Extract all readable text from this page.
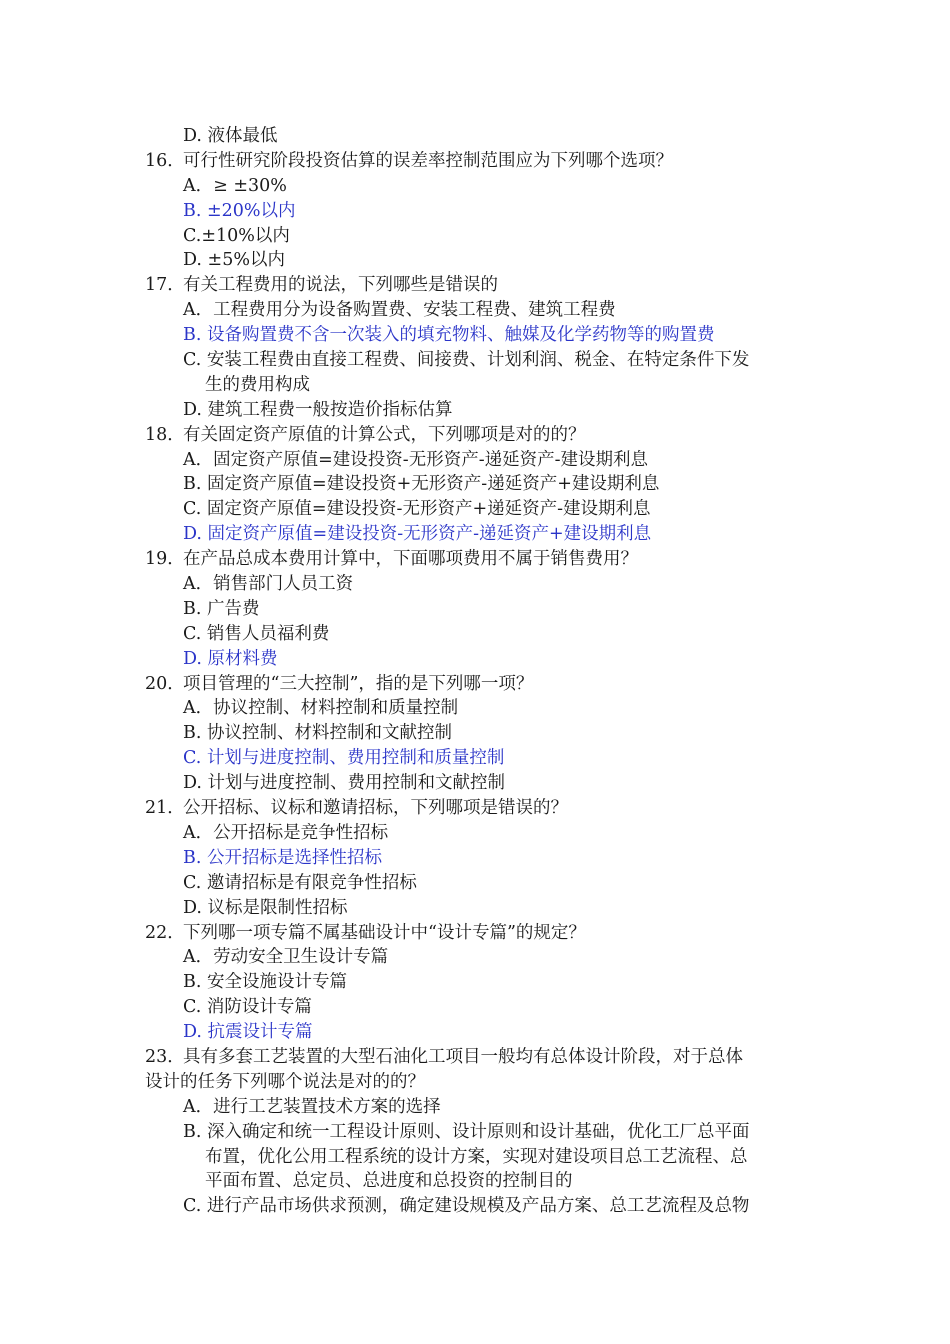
D. 液体最低
16．可行性研究阶段投资估算的误差率控制范围应为下列哪个选项？
A．≥ ±30%
B. ±20%以内
C.±10%以内
D. ±5%以内
17．有关工程费用的说法，下列哪些是错误的
A．工程费用分为设备购置费、安装工程费、建筑工程费
B. 设备购置费不含一次装入的填充物料、触媒及化学药物等的购置费
C. 安装工程费由直接工程费、间接费、计划利润、税金、在特定条件下发
生的费用构成
D. 建筑工程费一般按造价指标估算
18．有关固定资产原值的计算公式，下列哪项是对的的？
A．固定资产原值=建设投资-无形资产-递延资产-建设期利息
B. 固定资产原值=建设投资+无形资产-递延资产+建设期利息
C. 固定资产原值=建设投资-无形资产+递延资产-建设期利息
D. 固定资产原值=建设投资-无形资产-递延资产+建设期利息
19．在产品总成本费用计算中，下面哪项费用不属于销售费用？
A．销售部门人员工资
B. 广告费
C. 销售人员福利费
D. 原材料费
20．项目管理的“三大控制”，指的是下列哪一项？
A．协议控制、材料控制和质量控制
B. 协议控制、材料控制和文献控制
C. 计划与进度控制、费用控制和质量控制
D. 计划与进度控制、费用控制和文献控制
21．公开招标、议标和邀请招标，下列哪项是错误的？
A．公开招标是竞争性招标
B. 公开招标是选择性招标
C. 邀请招标是有限竞争性招标
D. 议标是限制性招标
22．下列哪一项专篇不属基础设计中“设计专篇”的规定？
A．劳动安全卫生设计专篇
B. 安全设施设计专篇
C. 消防设计专篇
D. 抗震设计专篇
23．具有多套工艺装置的大型石油化工项目一般均有总体设计阶段，对于总体
设计的任务下列哪个说法是对的的？
A．进行工艺装置技术方案的选择
B. 深入确定和统一工程设计原则、设计原则和设计基础，优化工厂总平面
布置，优化公用工程系统的设计方案，实现对建设项目总工艺流程、总
平面布置、总定员、总进度和总投资的控制目的
C. 进行产品市场供求预测，确定建设规模及产品方案、总工艺流程及总物
